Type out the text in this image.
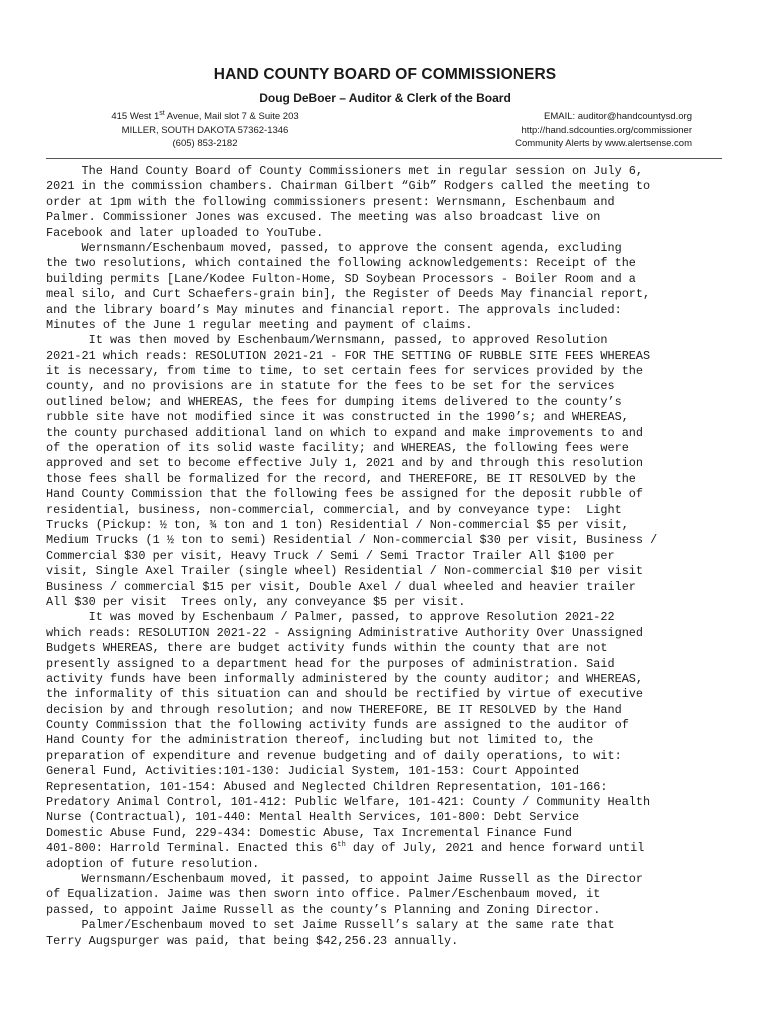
HAND COUNTY BOARD OF COMMISSIONERS
Doug DeBoer – Auditor & Clerk of the Board
415 West 1st Avenue, Mail slot 7 & Suite 203
MILLER, SOUTH DAKOTA 57362-1346
(605) 853-2182
EMAIL: auditor@handcountysd.org
http://hand.sdcounties.org/commissioner
Community Alerts by www.alertsense.com
The Hand County Board of County Commissioners met in regular session on July 6,
2021 in the commission chambers. Chairman Gilbert “Gib” Rodgers called the meeting to
order at 1pm with the following commissioners present: Wernsmann, Eschenbaum and
Palmer. Commissioner Jones was excused. The meeting was also broadcast live on
Facebook and later uploaded to YouTube.
Wernsmann/Eschenbaum moved, passed, to approve the consent agenda, excluding
the two resolutions, which contained the following acknowledgements: Receipt of the
building permits [Lane/Kodee Fulton-Home, SD Soybean Processors - Boiler Room and a
meal silo, and Curt Schaefers-grain bin], the Register of Deeds May financial report,
and the library board’s May minutes and financial report. The approvals included:
Minutes of the June 1 regular meeting and payment of claims.
It was then moved by Eschenbaum/Wernsmann, passed, to approved Resolution
2021-21 which reads: RESOLUTION 2021-21 - FOR THE SETTING OF RUBBLE SITE FEES WHEREAS
it is necessary, from time to time, to set certain fees for services provided by the
county, and no provisions are in statute for the fees to be set for the services
outlined below; and WHEREAS, the fees for dumping items delivered to the county’s
rubble site have not modified since it was constructed in the 1990’s; and WHEREAS,
the county purchased additional land on which to expand and make improvements to and
of the operation of its solid waste facility; and WHEREAS, the following fees were
approved and set to become effective July 1, 2021 and by and through this resolution
those fees shall be formalized for the record, and THEREFORE, BE IT RESOLVED by the
Hand County Commission that the following fees be assigned for the deposit rubble of
residential, business, non-commercial, commercial, and by conveyance type:  Light
Trucks (Pickup: ½ ton, ¾ ton and 1 ton) Residential / Non-commercial $5 per visit,
Medium Trucks (1 ½ ton to semi) Residential / Non-commercial $30 per visit, Business /
Commercial $30 per visit, Heavy Truck / Semi / Semi Tractor Trailer All $100 per
visit, Single Axel Trailer (single wheel) Residential / Non-commercial $10 per visit
Business / commercial $15 per visit, Double Axel / dual wheeled and heavier trailer
All $30 per visit  Trees only, any conveyance $5 per visit.
It was moved by Eschenbaum / Palmer, passed, to approve Resolution 2021-22
which reads: RESOLUTION 2021-22 - Assigning Administrative Authority Over Unassigned
Budgets WHEREAS, there are budget activity funds within the county that are not
presently assigned to a department head for the purposes of administration. Said
activity funds have been informally administered by the county auditor; and WHEREAS,
the informality of this situation can and should be rectified by virtue of executive
decision by and through resolution; and now THEREFORE, BE IT RESOLVED by the Hand
County Commission that the following activity funds are assigned to the auditor of
Hand County for the administration thereof, including but not limited to, the
preparation of expenditure and revenue budgeting and of daily operations, to wit:
General Fund, Activities:101-130: Judicial System, 101-153: Court Appointed
Representation, 101-154: Abused and Neglected Children Representation, 101-166:
Predatory Animal Control, 101-412: Public Welfare, 101-421: County / Community Health
Nurse (Contractual), 101-440: Mental Health Services, 101-800: Debt Service
Domestic Abuse Fund, 229-434: Domestic Abuse, Tax Incremental Finance Fund
401-800: Harrold Terminal. Enacted this 6th day of July, 2021 and hence forward until
adoption of future resolution.
Wernsmann/Eschenbaum moved, it passed, to appoint Jaime Russell as the Director
of Equalization. Jaime was then sworn into office. Palmer/Eschenbaum moved, it
passed, to appoint Jaime Russell as the county’s Planning and Zoning Director.
Palmer/Eschenbaum moved to set Jaime Russell’s salary at the same rate that
Terry Augspurger was paid, that being $42,256.23 annually.
